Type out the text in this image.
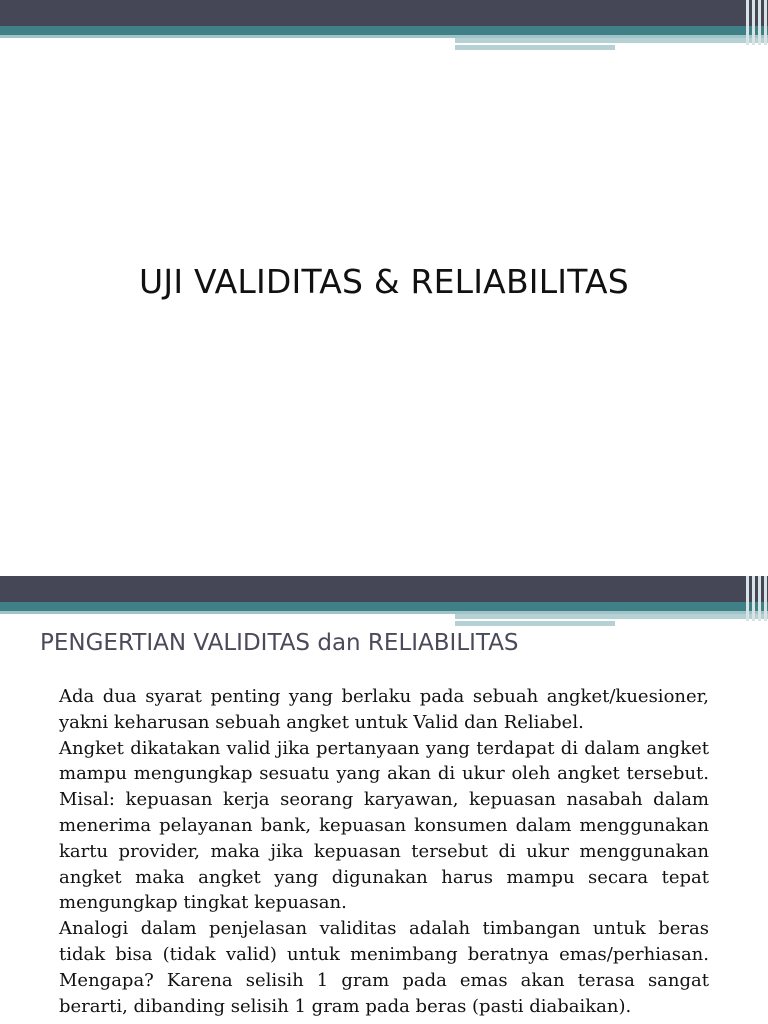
UJI VALIDITAS & RELIABILITAS
PENGERTIAN VALIDITAS dan RELIABILITAS

Ada dua syarat penting yang berlaku pada sebuah angket/kuesioner, yakni keharusan sebuah angket untuk Valid dan Reliabel.

Angket dikatakan valid jika pertanyaan yang terdapat di dalam angket mampu mengungkap sesuatu yang akan di ukur oleh angket tersebut. Misal: kepuasan kerja seorang karyawan, kepuasan nasabah dalam menerima pelayanan bank, kepuasan konsumen dalam menggunakan kartu provider, maka jika kepuasan tersebut di ukur menggunakan angket maka angket yang digunakan harus mampu secara tepat mengungkap tingkat kepuasan.

Analogi dalam penjelasan validitas adalah timbangan untuk beras tidak bisa (tidak valid) untuk menimbang beratnya emas/perhiasan. Mengapa? Karena selisih 1 gram pada emas akan terasa sangat berarti, dibanding selisih 1 gram pada beras (pasti diabaikan).
